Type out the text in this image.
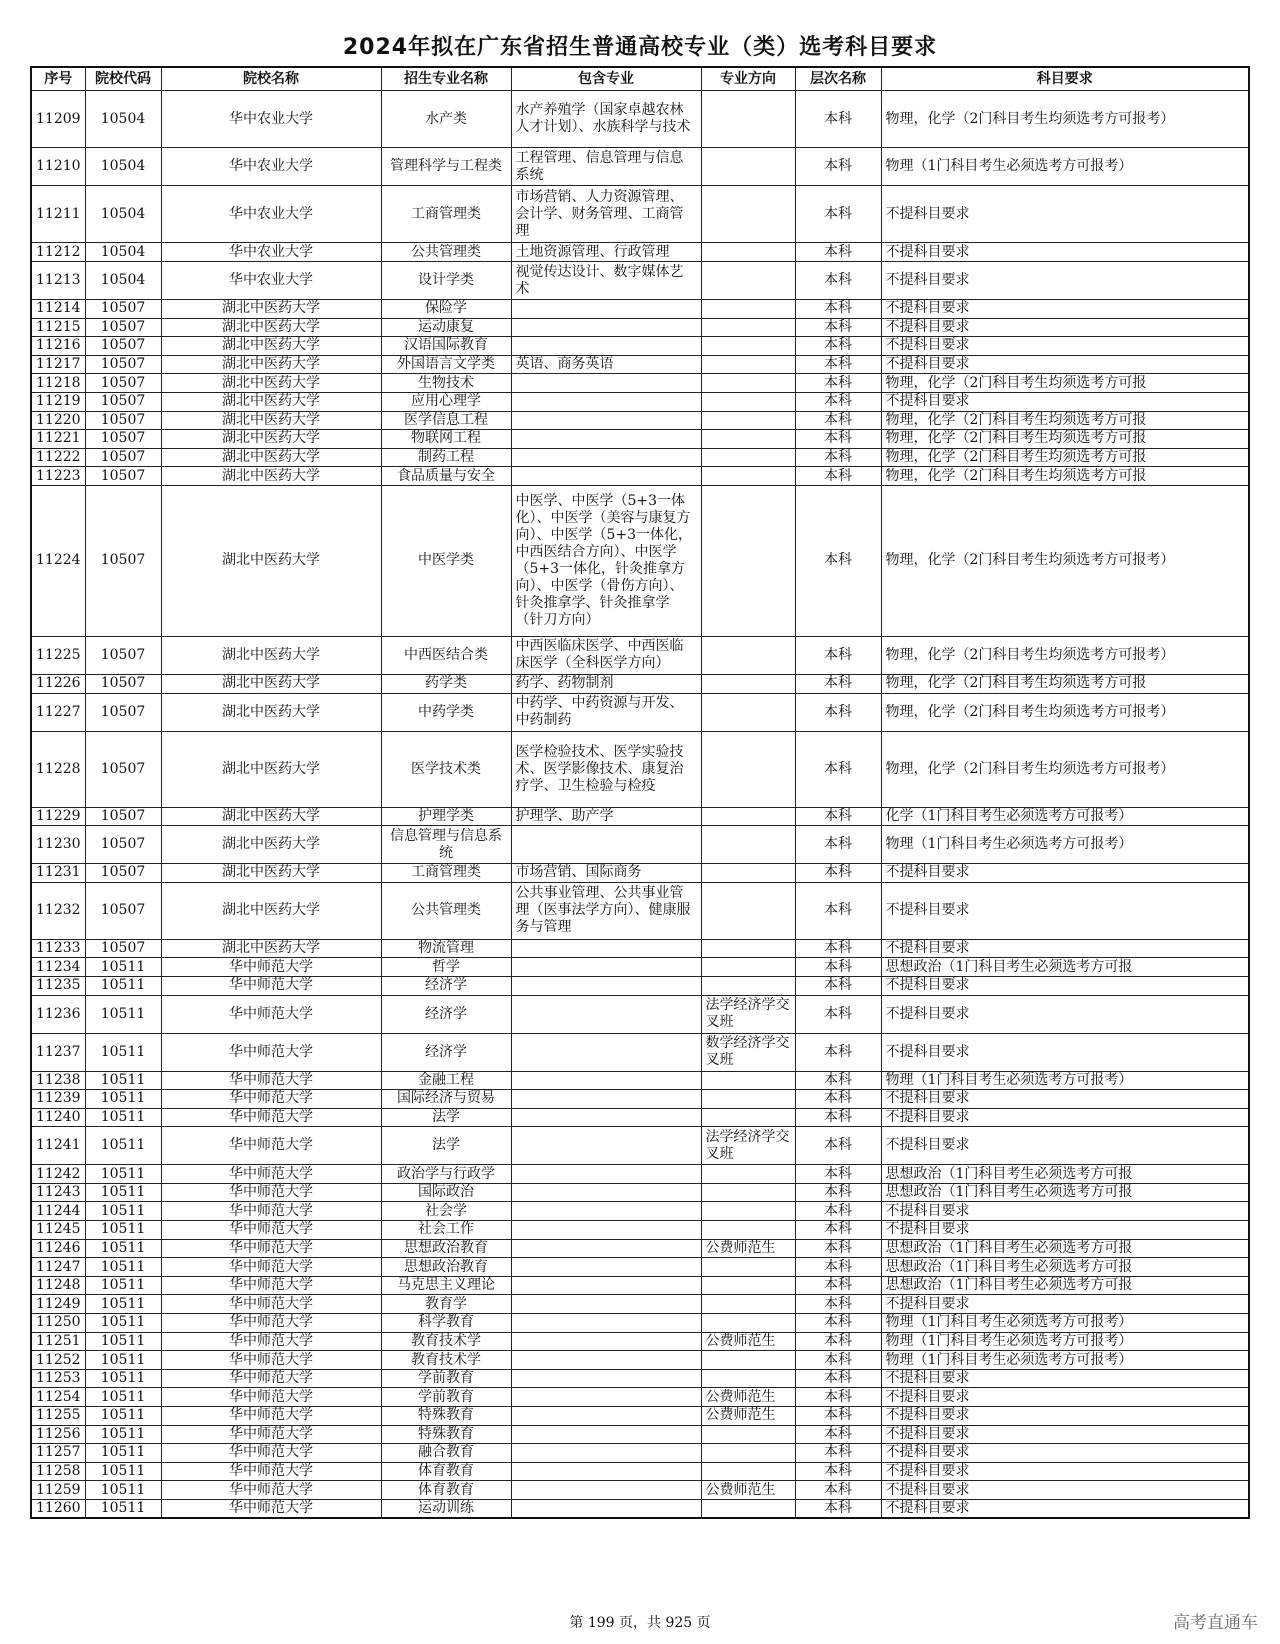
2024年拟在广东省招生普通高校专业（类）选考科目要求
序号	院校代码	院校名称	招生专业名称	包含专业	专业方向	层次名称	科目要求
11209	10504	华中农业大学	水产类	水产养殖学（国家卓越农林人才计划）、水族科学与技术		本科	物理，化学（2门科目考生均须选考方可报考）
11210	10504	华中农业大学	管理科学与工程类	工程管理、信息管理与信息系统		本科	物理（1门科目考生必须选考方可报考）
11211	10504	华中农业大学	工商管理类	市场营销、人力资源管理、会计学、财务管理、工商管理		本科	不提科目要求
11212	10504	华中农业大学	公共管理类	土地资源管理、行政管理		本科	不提科目要求
11213	10504	华中农业大学	设计学类	视觉传达设计、数字媒体艺术		本科	不提科目要求
11214	10507	湖北中医药大学	保险学			本科	不提科目要求
11215	10507	湖北中医药大学	运动康复			本科	不提科目要求
11216	10507	湖北中医药大学	汉语国际教育			本科	不提科目要求
11217	10507	湖北中医药大学	外国语言文学类	英语、商务英语		本科	不提科目要求
11218	10507	湖北中医药大学	生物技术			本科	物理，化学（2门科目考生均须选考方可报
11219	10507	湖北中医药大学	应用心理学			本科	不提科目要求
11220	10507	湖北中医药大学	医学信息工程			本科	物理，化学（2门科目考生均须选考方可报
11221	10507	湖北中医药大学	物联网工程			本科	物理，化学（2门科目考生均须选考方可报
11222	10507	湖北中医药大学	制药工程			本科	物理，化学（2门科目考生均须选考方可报
11223	10507	湖北中医药大学	食品质量与安全			本科	物理，化学（2门科目考生均须选考方可报
11224	10507	湖北中医药大学	中医学类	中医学、中医学（5+3一体化）、中医学（美容与康复方向）、中医学（5+3一体化，中西医结合方向）、中医学（5+3一体化，针灸推拿方向）、中医学（骨伤方向）、针灸推拿学、针灸推拿学（针刀方向）		本科	物理，化学（2门科目考生均须选考方可报考）
11225	10507	湖北中医药大学	中西医结合类	中西医临床医学、中西医临床医学（全科医学方向）		本科	物理，化学（2门科目考生均须选考方可报考）
11226	10507	湖北中医药大学	药学类	药学、药物制剂		本科	物理，化学（2门科目考生均须选考方可报
11227	10507	湖北中医药大学	中药学类	中药学、中药资源与开发、中药制药		本科	物理，化学（2门科目考生均须选考方可报考）
11228	10507	湖北中医药大学	医学技术类	医学检验技术、医学实验技术、医学影像技术、康复治疗学、卫生检验与检疫		本科	物理，化学（2门科目考生均须选考方可报考）
11229	10507	湖北中医药大学	护理学类	护理学、助产学		本科	化学（1门科目考生必须选考方可报考）
11230	10507	湖北中医药大学	信息管理与信息系统			本科	物理（1门科目考生必须选考方可报考）
11231	10507	湖北中医药大学	工商管理类	市场营销、国际商务		本科	不提科目要求
11232	10507	湖北中医药大学	公共管理类	公共事业管理、公共事业管理（医事法学方向）、健康服务与管理		本科	不提科目要求
11233	10507	湖北中医药大学	物流管理			本科	不提科目要求
11234	10511	华中师范大学	哲学			本科	思想政治（1门科目考生必须选考方可报
11235	10511	华中师范大学	经济学			本科	不提科目要求
11236	10511	华中师范大学	经济学		法学经济学交叉班	本科	不提科目要求
11237	10511	华中师范大学	经济学		数学经济学交叉班	本科	不提科目要求
11238	10511	华中师范大学	金融工程			本科	物理（1门科目考生必须选考方可报考）
11239	10511	华中师范大学	国际经济与贸易			本科	不提科目要求
11240	10511	华中师范大学	法学			本科	不提科目要求
11241	10511	华中师范大学	法学		法学经济学交叉班	本科	不提科目要求
11242	10511	华中师范大学	政治学与行政学			本科	思想政治（1门科目考生必须选考方可报
11243	10511	华中师范大学	国际政治			本科	思想政治（1门科目考生必须选考方可报
11244	10511	华中师范大学	社会学			本科	不提科目要求
11245	10511	华中师范大学	社会工作			本科	不提科目要求
11246	10511	华中师范大学	思想政治教育		公费师范生	本科	思想政治（1门科目考生必须选考方可报
11247	10511	华中师范大学	思想政治教育			本科	思想政治（1门科目考生必须选考方可报
11248	10511	华中师范大学	马克思主义理论			本科	思想政治（1门科目考生必须选考方可报
11249	10511	华中师范大学	教育学			本科	不提科目要求
11250	10511	华中师范大学	科学教育			本科	物理（1门科目考生必须选考方可报考）
11251	10511	华中师范大学	教育技术学		公费师范生	本科	物理（1门科目考生必须选考方可报考）
11252	10511	华中师范大学	教育技术学			本科	物理（1门科目考生必须选考方可报考）
11253	10511	华中师范大学	学前教育			本科	不提科目要求
11254	10511	华中师范大学	学前教育		公费师范生	本科	不提科目要求
11255	10511	华中师范大学	特殊教育		公费师范生	本科	不提科目要求
11256	10511	华中师范大学	特殊教育			本科	不提科目要求
11257	10511	华中师范大学	融合教育			本科	不提科目要求
11258	10511	华中师范大学	体育教育			本科	不提科目要求
11259	10511	华中师范大学	体育教育		公费师范生	本科	不提科目要求
11260	10511	华中师范大学	运动训练			本科	不提科目要求
第 199 页，共 925 页	高考直通车
